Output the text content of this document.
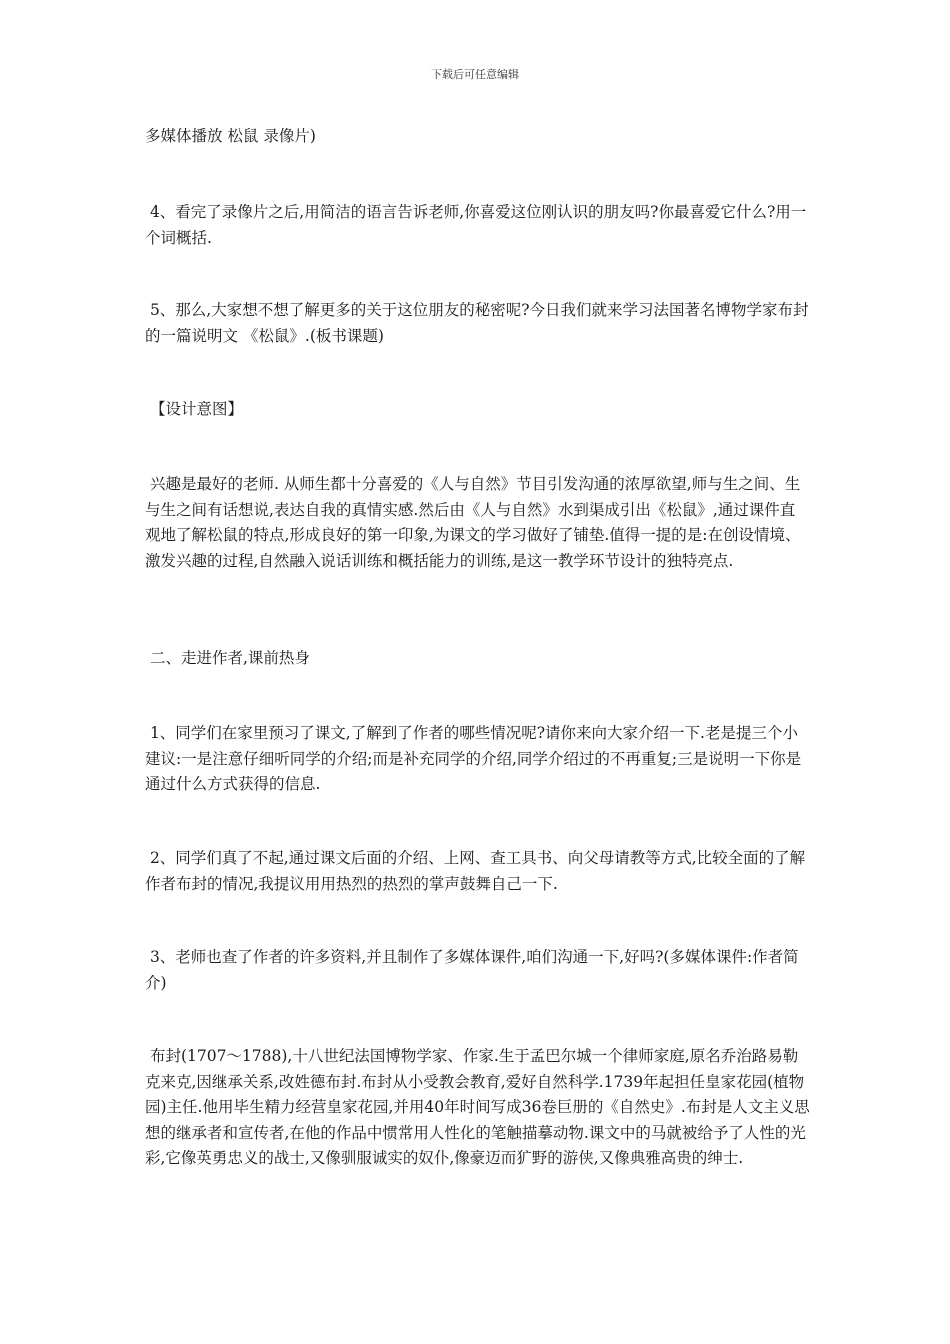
下载后可任意编辑

多媒体播放 松鼠 录像片)

4、看完了录像片之后,用简洁的语言告诉老师,你喜爱这位刚认识的朋友吗?你最喜爱它什么?用一个词概括.

5、那么,大家想不想了解更多的关于这位朋友的秘密呢?今日我们就来学习法国著名博物学家布封的一篇说明文 《松鼠》.(板书课题)

【设计意图】

兴趣是最好的老师. 从师生都十分喜爱的《人与自然》节目引发沟通的浓厚欲望,师与生之间、生与生之间有话想说,表达自我的真情实感.然后由《人与自然》水到渠成引出《松鼠》,通过课件直观地了解松鼠的特点,形成良好的第一印象,为课文的学习做好了铺垫.值得一提的是:在创设情境、激发兴趣的过程,自然融入说话训练和概括能力的训练,是这一教学环节设计的独特亮点.

二、走进作者,课前热身

1、同学们在家里预习了课文,了解到了作者的哪些情况呢?请你来向大家介绍一下.老是提三个小建议:一是注意仔细听同学的介绍;而是补充同学的介绍,同学介绍过的不再重复;三是说明一下你是通过什么方式获得的信息.

2、同学们真了不起,通过课文后面的介绍、上网、查工具书、向父母请教等方式,比较全面的了解作者布封的情况,我提议用用热烈的热烈的掌声鼓舞自己一下.

3、老师也查了作者的许多资料,并且制作了多媒体课件,咱们沟通一下,好吗?(多媒体课件:作者简介)

布封(1707～1788),十八世纪法国博物学家、作家.生于孟巴尔城一个律师家庭,原名乔治路易勒克来克,因继承关系,改姓德布封.布封从小受教会教育,爱好自然科学.1739年起担任皇家花园(植物园)主任.他用毕生精力经营皇家花园,并用40年时间写成36卷巨册的《自然史》.布封是人文主义思想的继承者和宣传者,在他的作品中惯常用人性化的笔触描摹动物.课文中的马就被给予了人性的光彩,它像英勇忠义的战士,又像驯服诚实的奴仆,像豪迈而犷野的游侠,又像典雅高贵的绅士.
